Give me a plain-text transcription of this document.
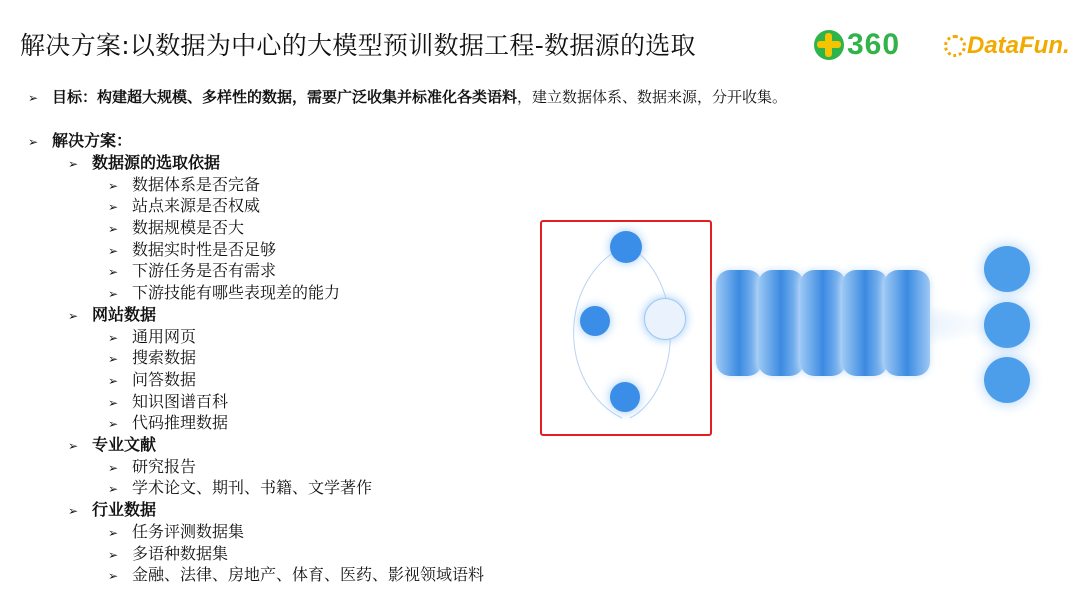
解决方案:以数据为中心的大模型预训数据工程-数据源的选取	360	DataFun.
➢ 目标：构建超大规模、多样性的数据，需要广泛收集并标准化各类语料，建立数据体系、数据来源，分开收集。
➢ 解决方案：
➢ 数据源的选取依据
➢ 数据体系是否完备
➢ 站点来源是否权威
➢ 数据规模是否大
➢ 数据实时性是否足够
➢ 下游任务是否有需求
➢ 下游技能有哪些表现差的能力
➢ 网站数据
➢ 通用网页
➢ 搜索数据
➢ 问答数据
➢ 知识图谱百科
➢ 代码推理数据
➢ 专业文献
➢ 研究报告
➢ 学术论文、期刊、书籍、文学著作
➢ 行业数据
➢ 任务评测数据集
➢ 多语种数据集
➢ 金融、法律、房地产、体育、医药、影视领域语料
